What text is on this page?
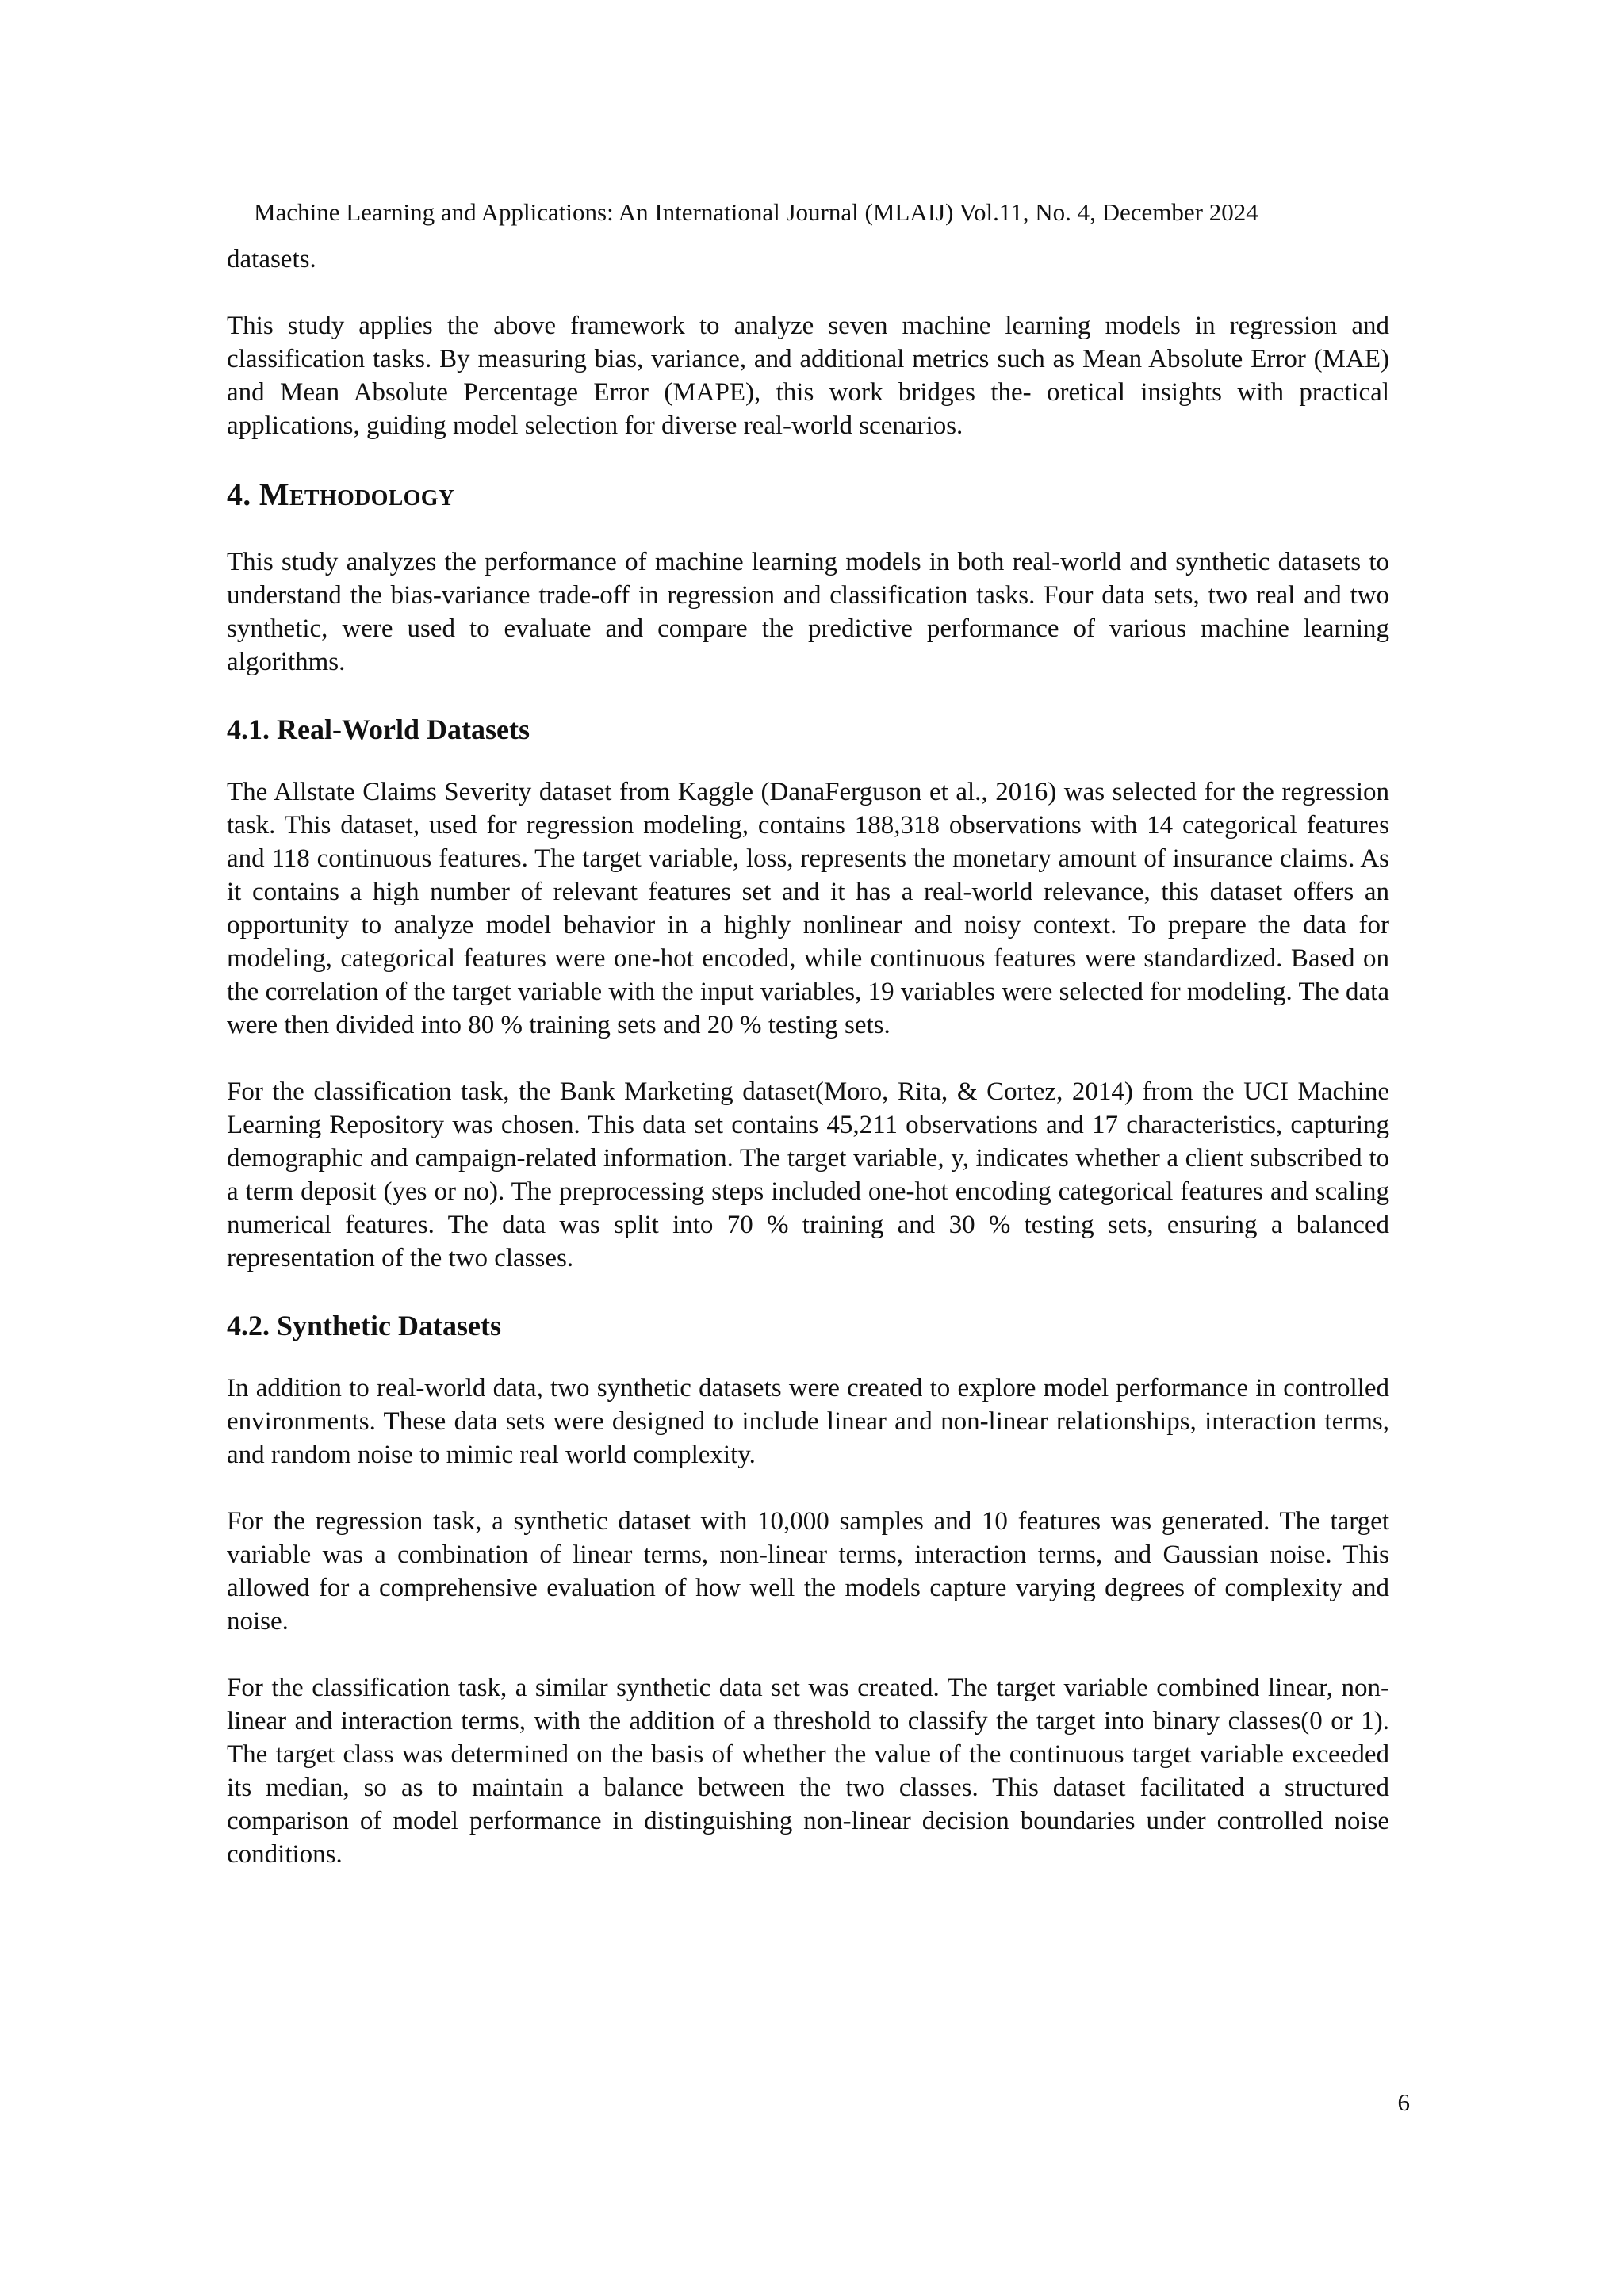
Machine Learning and Applications: An International Journal (MLAIJ) Vol.11, No. 4, December 2024

datasets.

This study applies the above framework to analyze seven machine learning models in regression and classification tasks. By measuring bias, variance, and additional metrics such as Mean Absolute Error (MAE) and Mean Absolute Percentage Error (MAPE), this work bridges the- oretical insights with practical applications, guiding model selection for diverse real-world scenarios.

4. Methodology

This study analyzes the performance of machine learning models in both real-world and synthetic datasets to understand the bias-variance trade-off in regression and classification tasks. Four data sets, two real and two synthetic, were used to evaluate and compare the predictive performance of various machine learning algorithms.

4.1. Real-World Datasets

The Allstate Claims Severity dataset from Kaggle (DanaFerguson et al., 2016) was selected for the regression task. This dataset, used for regression modeling, contains 188,318 observations with 14 categorical features and 118 continuous features. The target variable, loss, represents the monetary amount of insurance claims. As it contains a high number of relevant features set and it has a real-world relevance, this dataset offers an opportunity to analyze model behavior in a highly nonlinear and noisy context. To prepare the data for modeling, categorical features were one-hot encoded, while continuous features were standardized. Based on the correlation of the target variable with the input variables, 19 variables were selected for modeling. The data were then divided into 80 % training sets and 20 % testing sets.

For the classification task, the Bank Marketing dataset(Moro, Rita, & Cortez, 2014) from the UCI Machine Learning Repository was chosen. This data set contains 45,211 observations and 17 characteristics, capturing demographic and campaign-related information. The target variable, y, indicates whether a client subscribed to a term deposit (yes or no). The preprocessing steps included one-hot encoding categorical features and scaling numerical features. The data was split into 70 % training and 30 % testing sets, ensuring a balanced representation of the two classes.

4.2. Synthetic Datasets

In addition to real-world data, two synthetic datasets were created to explore model performance in controlled environments. These data sets were designed to include linear and non-linear relationships, interaction terms, and random noise to mimic real world complexity.

For the regression task, a synthetic dataset with 10,000 samples and 10 features was generated. The target variable was a combination of linear terms, non-linear terms, interaction terms, and Gaussian noise. This allowed for a comprehensive evaluation of how well the models capture varying degrees of complexity and noise.

For the classification task, a similar synthetic data set was created. The target variable combined linear, non-linear and interaction terms, with the addition of a threshold to classify the target into binary classes(0 or 1). The target class was determined on the basis of whether the value of the continuous target variable exceeded its median, so as to maintain a balance between the two classes. This dataset facilitated a structured comparison of model performance in distinguishing non-linear decision boundaries under controlled noise conditions.

6
